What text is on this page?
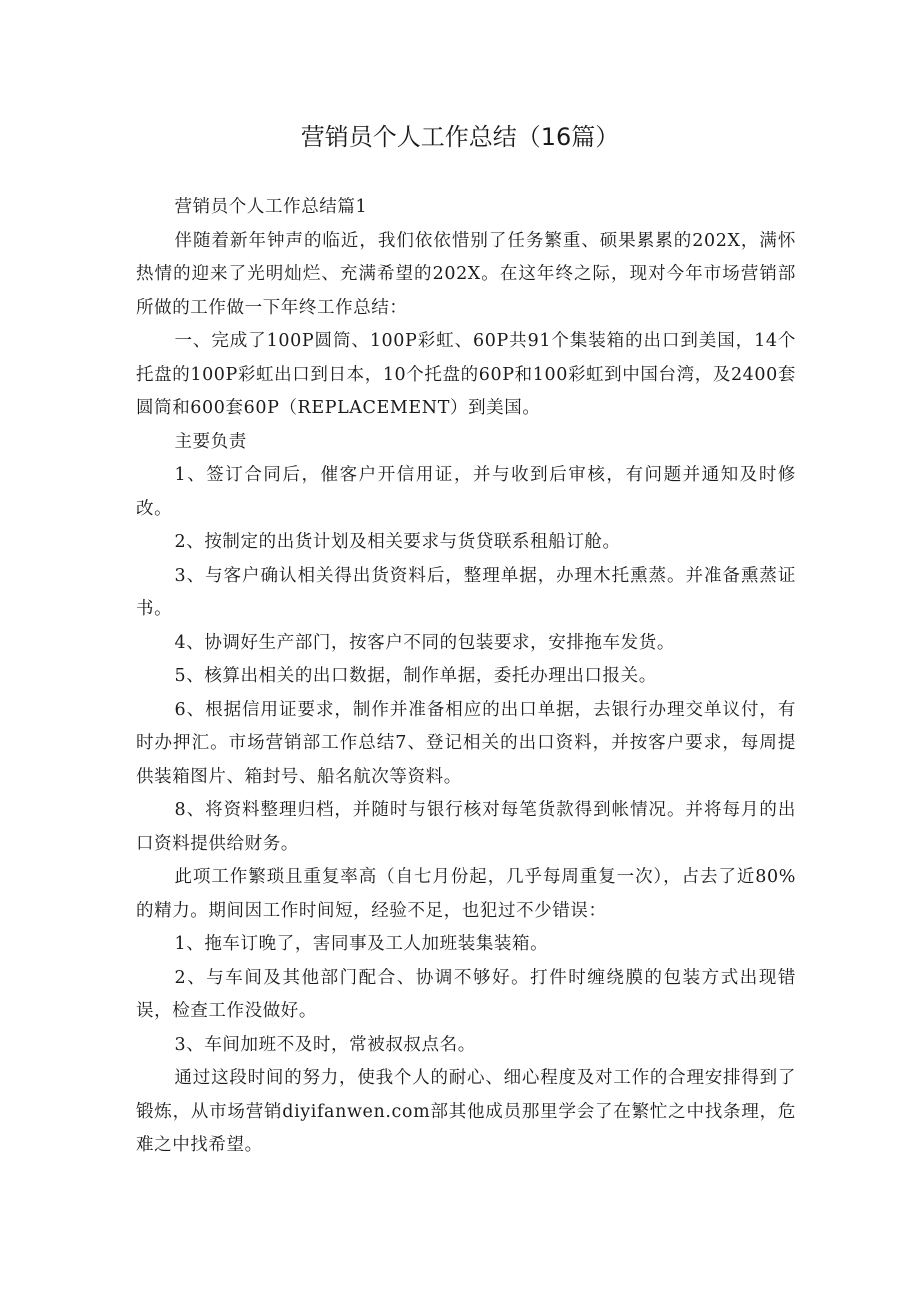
营销员个人工作总结（16篇）

营销员个人工作总结篇1

伴随着新年钟声的临近，我们依依惜别了任务繁重、硕果累累的202X，满怀热情的迎来了光明灿烂、充满希望的202X。在这年终之际，现对今年市场营销部所做的工作做一下年终工作总结：

一、完成了100P圆筒、100P彩虹、60P共91个集装箱的出口到美国，14个托盘的100P彩虹出口到日本，10个托盘的60P和100彩虹到中国台湾，及2400套圆筒和600套60P（REPLACEMENT）到美国。

主要负责

1、签订合同后，催客户开信用证，并与收到后审核，有问题并通知及时修改。

2、按制定的出货计划及相关要求与货贷联系租船订舱。

3、与客户确认相关得出货资料后，整理单据，办理木托熏蒸。并准备熏蒸证书。

4、协调好生产部门，按客户不同的包装要求，安排拖车发货。

5、核算出相关的出口数据，制作单据，委托办理出口报关。

6、根据信用证要求，制作并准备相应的出口单据，去银行办理交单议付，有时办押汇。市场营销部工作总结7、登记相关的出口资料，并按客户要求，每周提供装箱图片、箱封号、船名航次等资料。

8、将资料整理归档，并随时与银行核对每笔货款得到帐情况。并将每月的出口资料提供给财务。

此项工作繁琐且重复率高（自七月份起，几乎每周重复一次），占去了近80%的精力。期间因工作时间短，经验不足，也犯过不少错误：

1、拖车订晚了，害同事及工人加班装集装箱。

2、与车间及其他部门配合、协调不够好。打件时缠绕膜的包装方式出现错误，检查工作没做好。

3、车间加班不及时，常被叔叔点名。

通过这段时间的努力，使我个人的耐心、细心程度及对工作的合理安排得到了锻炼，从市场营销diyifanwen.com部其他成员那里学会了在繁忙之中找条理，危难之中找希望。
